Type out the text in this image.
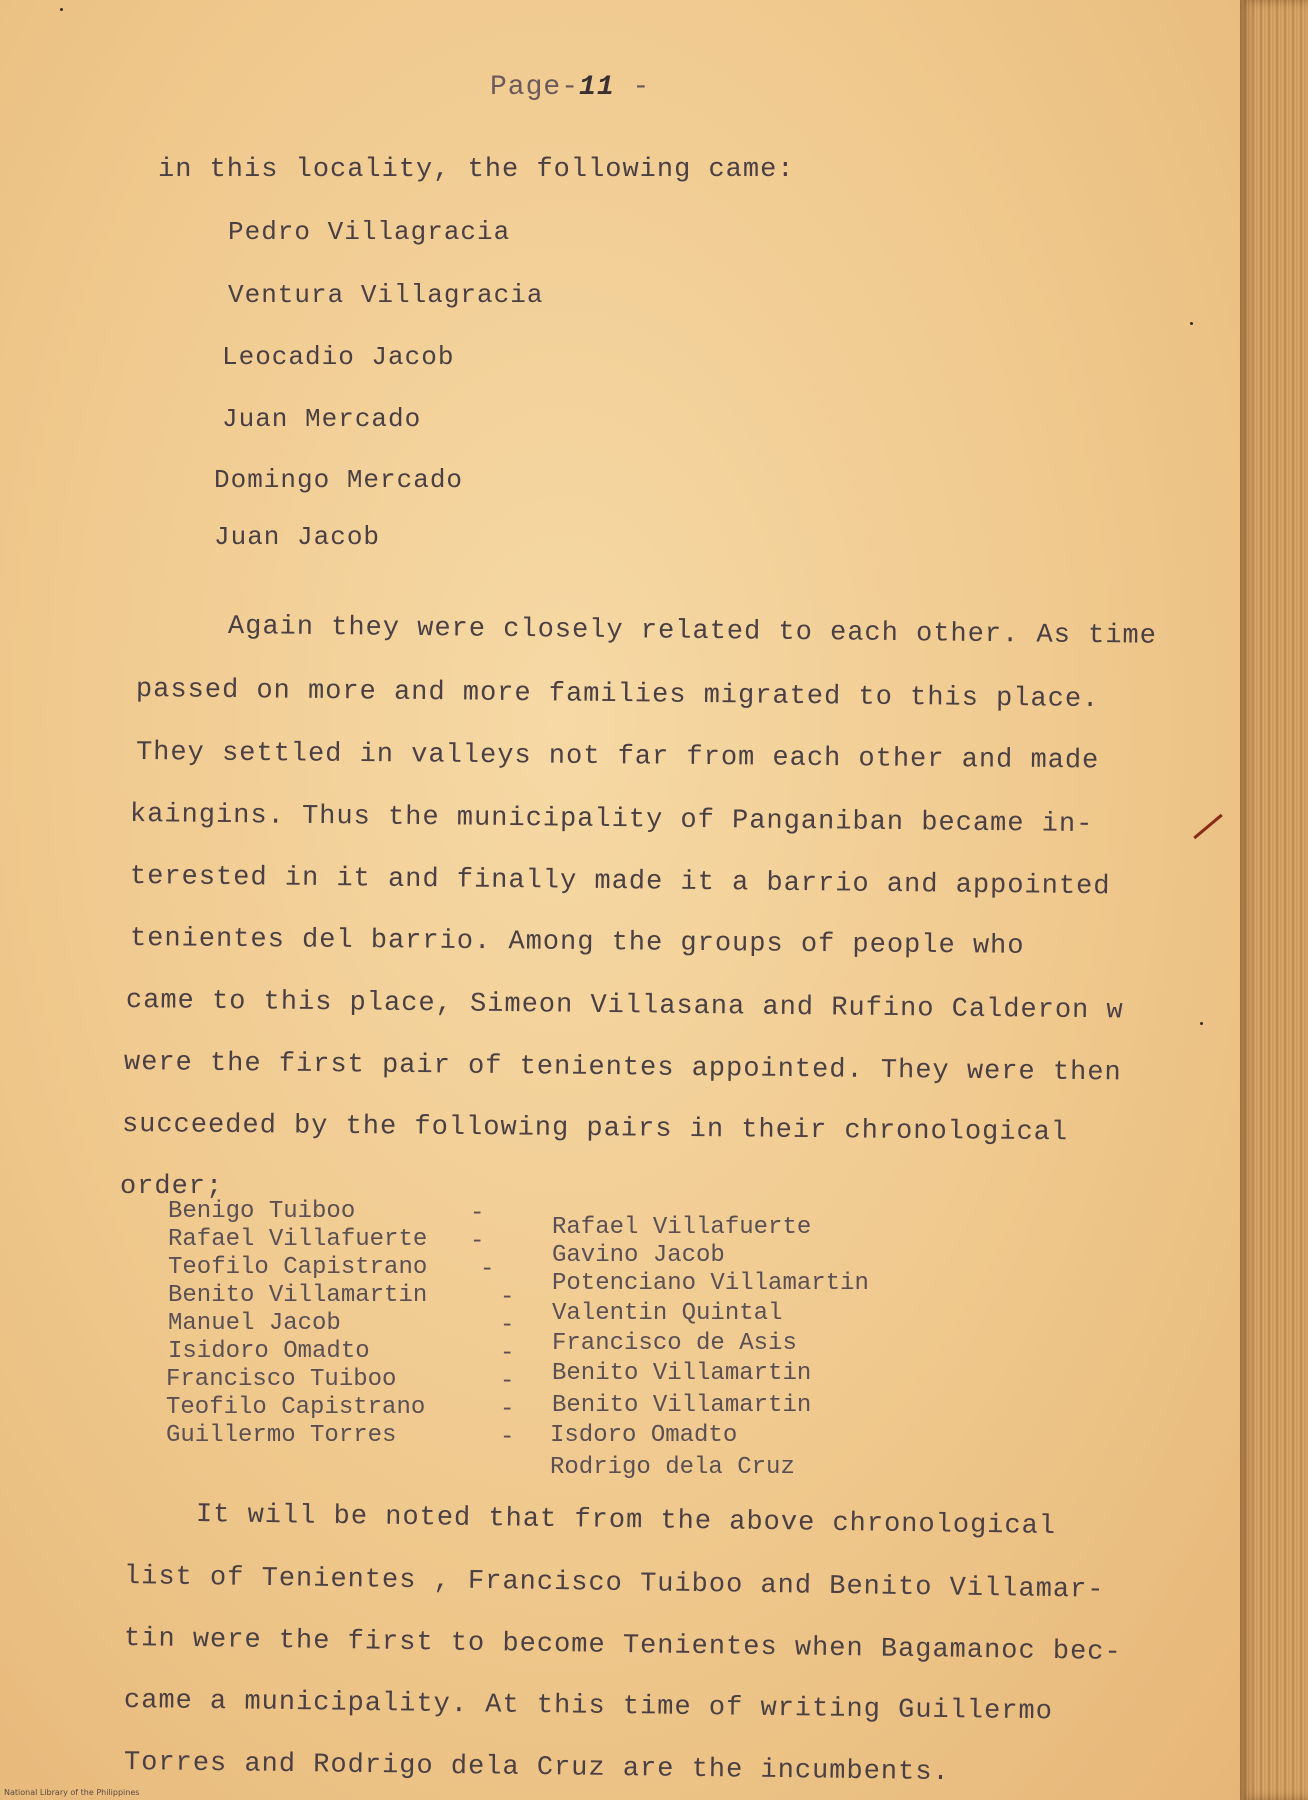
Page-11 -
in this locality, the following came:
Pedro Villagracia
Ventura Villagracia
Leocadio Jacob
Juan Mercado
Domingo Mercado
Juan Jacob
Again they were closely related to each other. As time
passed on more and more families migrated to this place.
They settled in valleys not far from each other and made
kaingins. Thus the municipality of Panganiban became in-
terested in it and finally made it a barrio and appointed
tenientes del barrio. Among the groups of people who
came to this place, Simeon Villasana and Rufino Calderon w
were the first pair of tenientes appointed. They were then
succeeded by the following pairs in their chronological
order;
Benigo Tuiboo
Rafael Villafuerte
Teofilo Capistrano
Benito Villamartin
Manuel Jacob
Isidoro Omadto
Francisco Tuiboo
Teofilo Capistrano
Guillermo Torres
-
-
-
-
-
-
-
-
-
Rafael Villafuerte
Gavino Jacob
Potenciano Villamartin
Valentin Quintal
Francisco de Asis
Benito Villamartin
Benito Villamartin
Isdoro Omadto
Rodrigo dela Cruz
It will be noted that from the above chronological
list of Tenientes , Francisco Tuiboo and Benito Villamar-
tin were the first to become Tenientes when Bagamanoc bec-
came a municipality. At this time of writing Guillermo
Torres and Rodrigo dela Cruz are the incumbents.
National Library of the Philippines
